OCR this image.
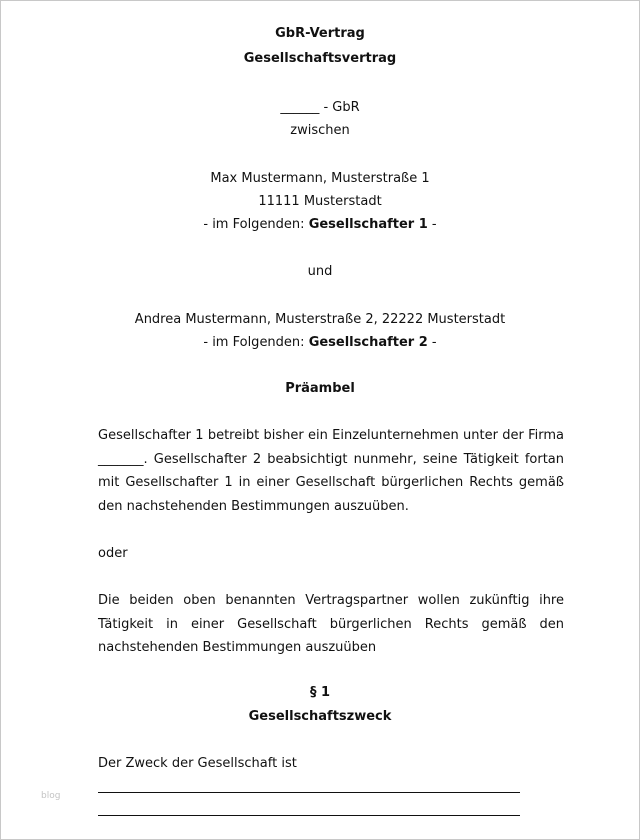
GbR-Vertrag
Gesellschaftsvertrag
______ - GbR
zwischen
Max Mustermann, Musterstraße 1
11111 Musterstadt
- im Folgenden: Gesellschafter 1 -
und
Andrea Mustermann, Musterstraße 2, 22222 Musterstadt
- im Folgenden: Gesellschafter 2 -
Präambel
Gesellschafter 1 betreibt bisher ein Einzelunternehmen unter der Firma
_______. Gesellschafter 2 beabsichtigt nunmehr, seine Tätigkeit fortan
mit Gesellschafter 1 in einer Gesellschaft bürgerlichen Rechts gemäß
den nachstehenden Bestimmungen auszuüben.
oder
Die beiden oben benannten Vertragspartner wollen zukünftig ihre
Tätigkeit in einer Gesellschaft bürgerlichen Rechts gemäß den
nachstehenden Bestimmungen auszuüben
§ 1
Gesellschaftszweck
Der Zweck der Gesellschaft ist
blog
